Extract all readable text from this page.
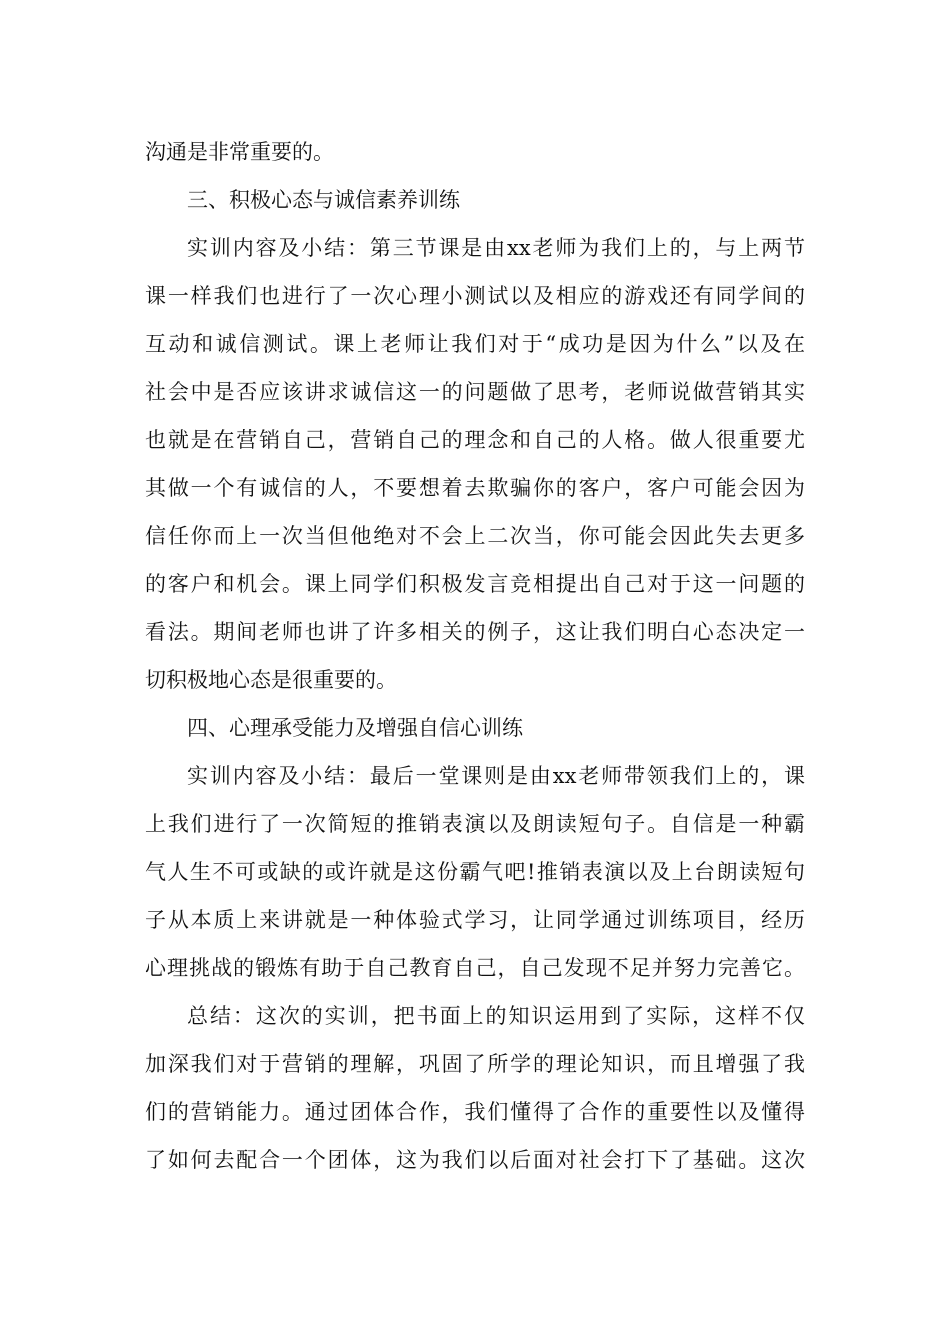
沟通是非常重要的。
三、积极心态与诚信素养训练
实训内容及小结：第三节课是由xx老师为我们上的，与上两节
课一样我们也进行了一次心理小测试以及相应的游戏还有同学间的
互动和诚信测试。课上老师让我们对于“成功是因为什么”以及在
社会中是否应该讲求诚信这一的问题做了思考，老师说做营销其实
也就是在营销自己，营销自己的理念和自己的人格。做人很重要尤
其做一个有诚信的人，不要想着去欺骗你的客户，客户可能会因为
信任你而上一次当但他绝对不会上二次当，你可能会因此失去更多
的客户和机会。课上同学们积极发言竞相提出自己对于这一问题的
看法。期间老师也讲了许多相关的例子，这让我们明白心态决定一
切积极地心态是很重要的。
四、心理承受能力及增强自信心训练
实训内容及小结：最后一堂课则是由xx老师带领我们上的，课
上我们进行了一次简短的推销表演以及朗读短句子。自信是一种霸
气人生不可或缺的或许就是这份霸气吧!推销表演以及上台朗读短句
子从本质上来讲就是一种体验式学习，让同学通过训练项目，经历
心理挑战的锻炼有助于自己教育自己，自己发现不足并努力完善它。
总结：这次的实训，把书面上的知识运用到了实际，这样不仅
加深我们对于营销的理解，巩固了所学的理论知识，而且增强了我
们的营销能力。通过团体合作，我们懂得了合作的重要性以及懂得
了如何去配合一个团体，这为我们以后面对社会打下了基础。这次
